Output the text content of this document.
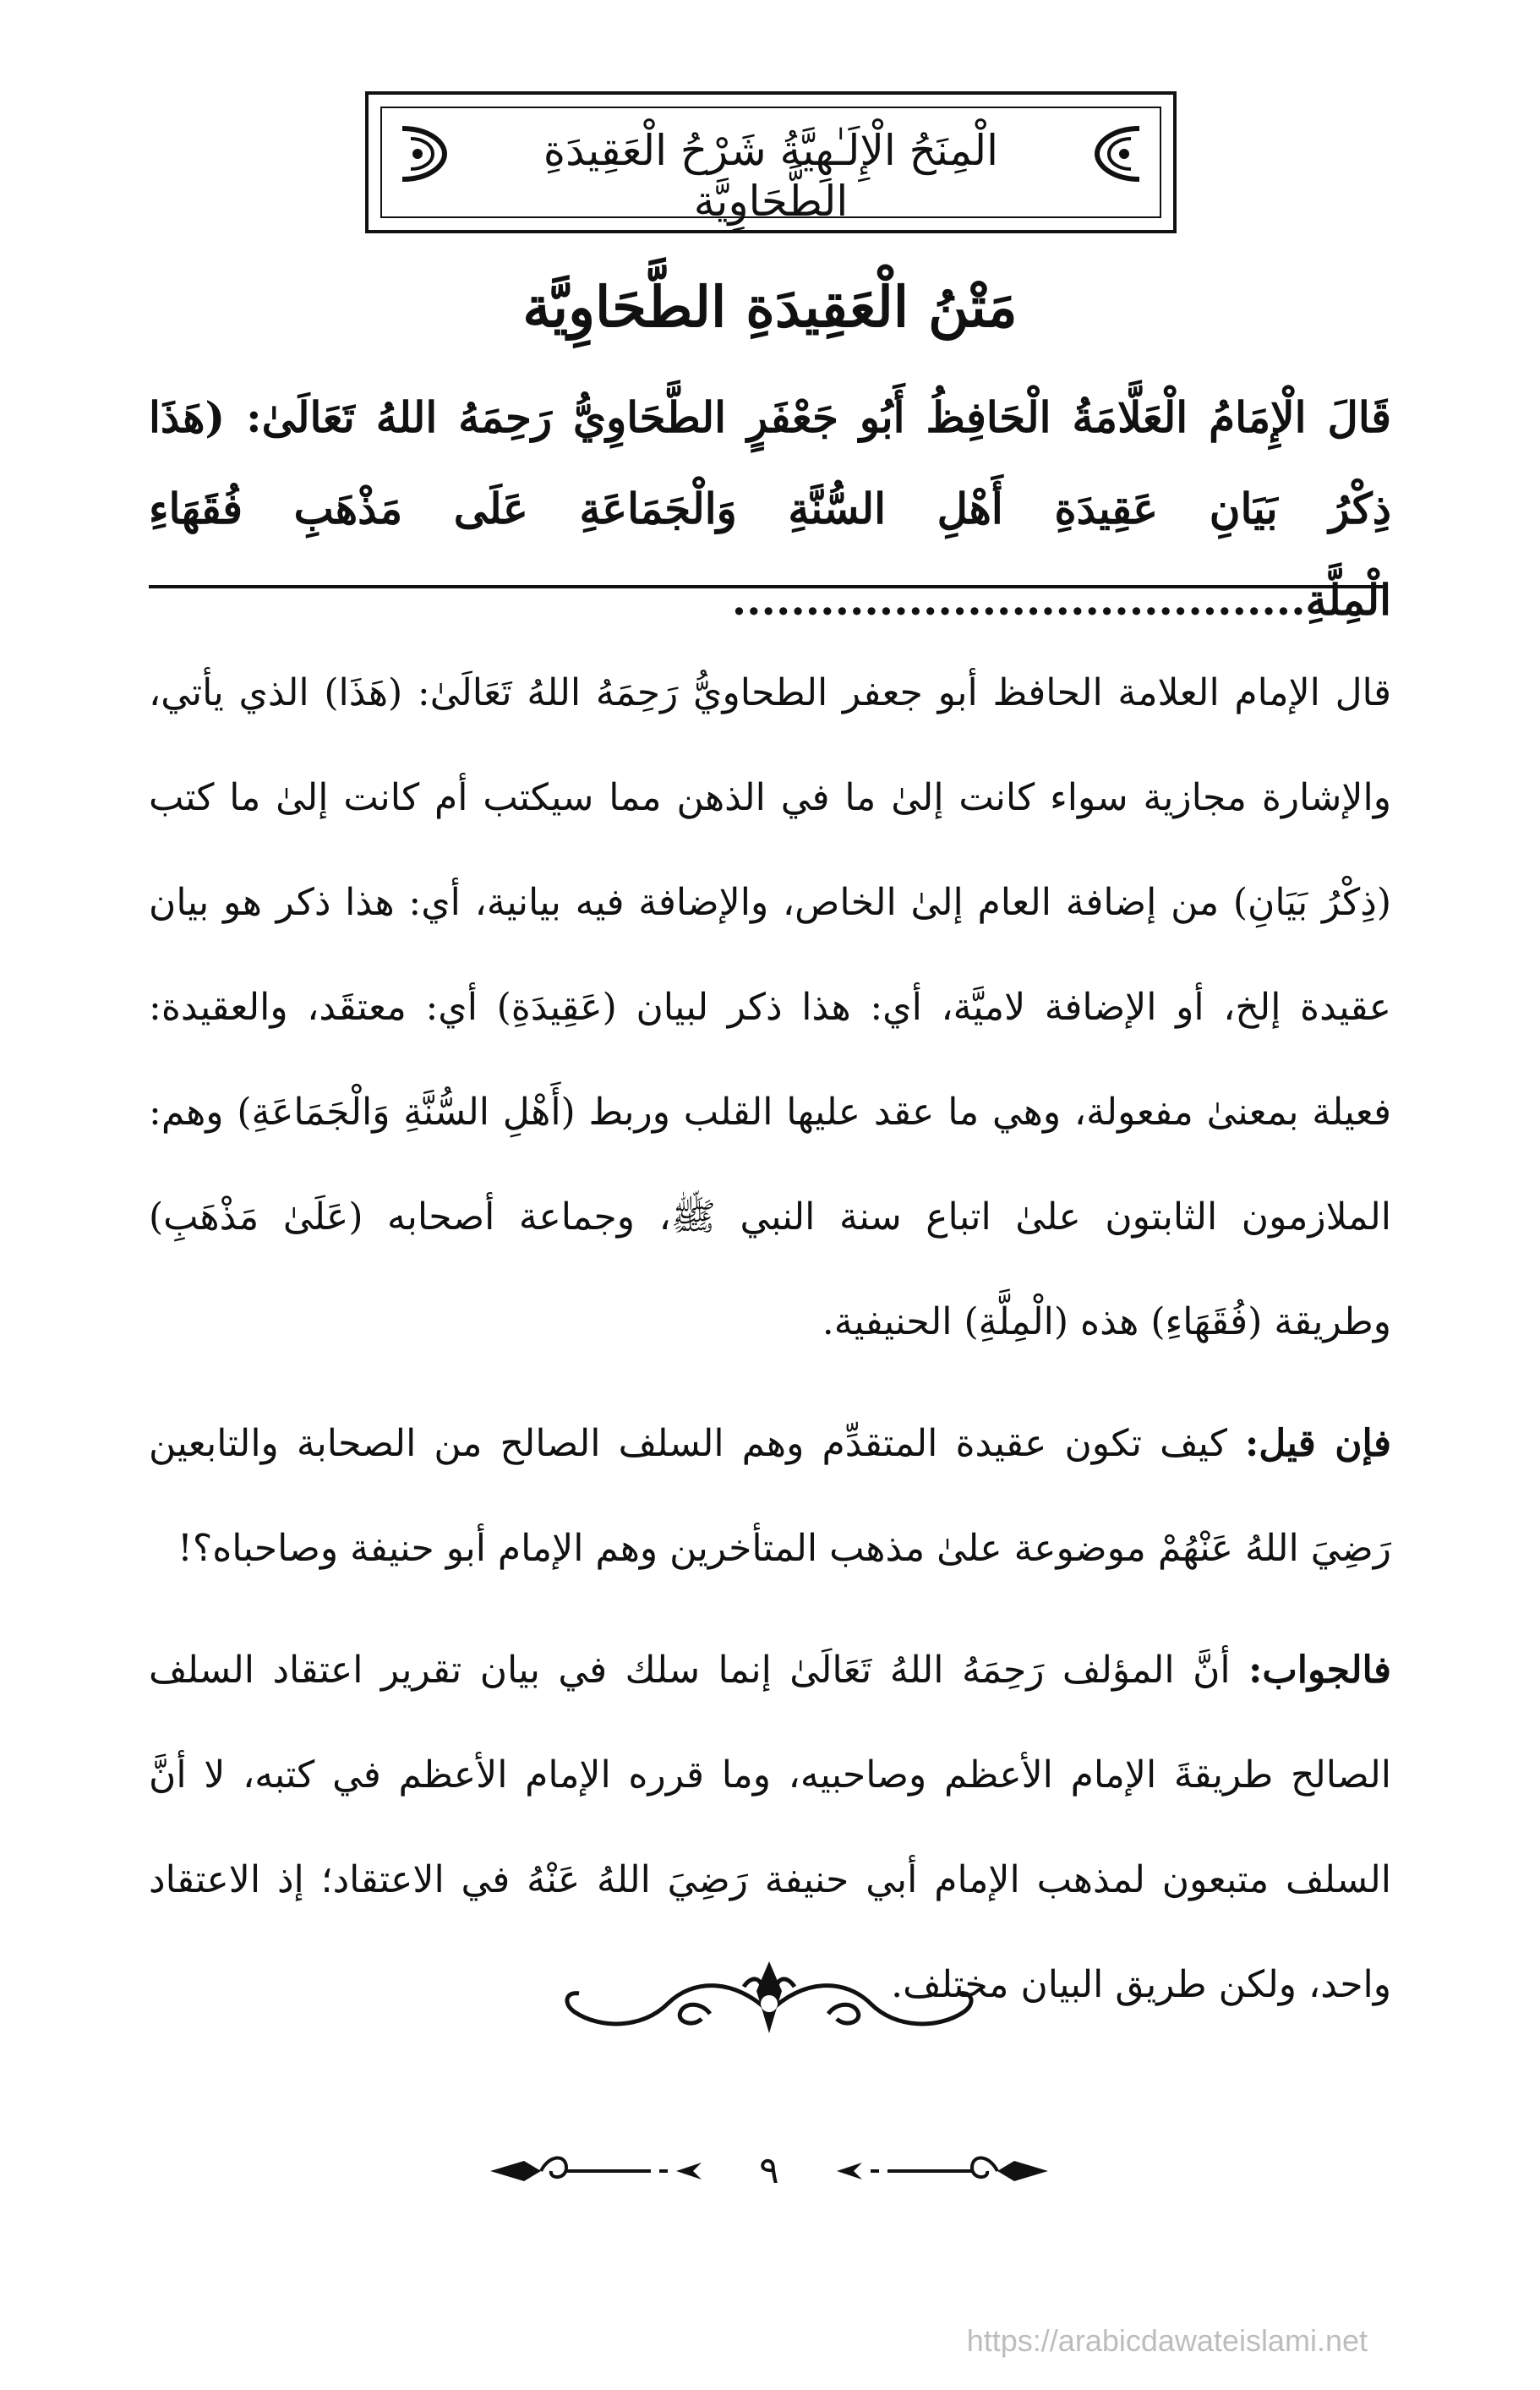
الْمِنَحُ الْإِلَـٰهِيَّةُ شَرْحُ الْعَقِيدَةِ الطَّحَاوِيَّة
مَتْنُ الْعَقِيدَةِ الطَّحَاوِيَّة
قَالَ الْإِمَامُ الْعَلَّامَةُ الْحَافِظُ أَبُو جَعْفَرٍ الطَّحَاوِيُّ رَحِمَهُ اللهُ تَعَالَىٰ: (هَذَا ذِكْرُ بَيَانِ عَقِيدَةِ أَهْلِ السُّنَّةِ وَالْجَمَاعَةِ عَلَى مَذْهَبِ فُقَهَاءِ الْمِلَّةِ.......................................

قال الإمام العلامة الحافظ أبو جعفر الطحاويُّ رَحِمَهُ اللهُ تَعَالَىٰ: (هَذَا) الذي يأتي، والإشارة مجازية سواء كانت إلىٰ ما في الذهن مما سيكتب أم كانت إلىٰ ما كتب (ذِكْرُ بَيَانِ) من إضافة العام إلىٰ الخاص، والإضافة فيه بيانية، أي: هذا ذكر هو بيان عقيدة إلخ، أو الإضافة لاميَّة، أي: هذا ذكر لبيان (عَقِيدَةِ) أي: معتقَد، والعقيدة: فعيلة بمعنىٰ مفعولة، وهي ما عقد عليها القلب وربط (أَهْلِ السُّنَّةِ وَالْجَمَاعَةِ) وهم: الملازمون الثابتون علىٰ اتباع سنة النبي ﷺ، وجماعة أصحابه (عَلَىٰ مَذْهَبِ) وطريقة (فُقَهَاءِ) هذه (الْمِلَّةِ) الحنيفية.

فإن قيل: كيف تكون عقيدة المتقدِّم وهم السلف الصالح من الصحابة والتابعين رَضِيَ اللهُ عَنْهُمْ موضوعة علىٰ مذهب المتأخرين وهم الإمام أبو حنيفة وصاحباه؟!

فالجواب: أنَّ المؤلف رَحِمَهُ اللهُ تَعَالَىٰ إنما سلك في بيان تقرير اعتقاد السلف الصالح طريقةَ الإمام الأعظم وصاحبيه، وما قرره الإمام الأعظم في كتبه، لا أنَّ السلف متبعون لمذهب الإمام أبي حنيفة رَضِيَ اللهُ عَنْهُ في الاعتقاد؛ إذ الاعتقاد واحد، ولكن طريق البيان مختلف.

٩
https://arabicdawateislami.net
